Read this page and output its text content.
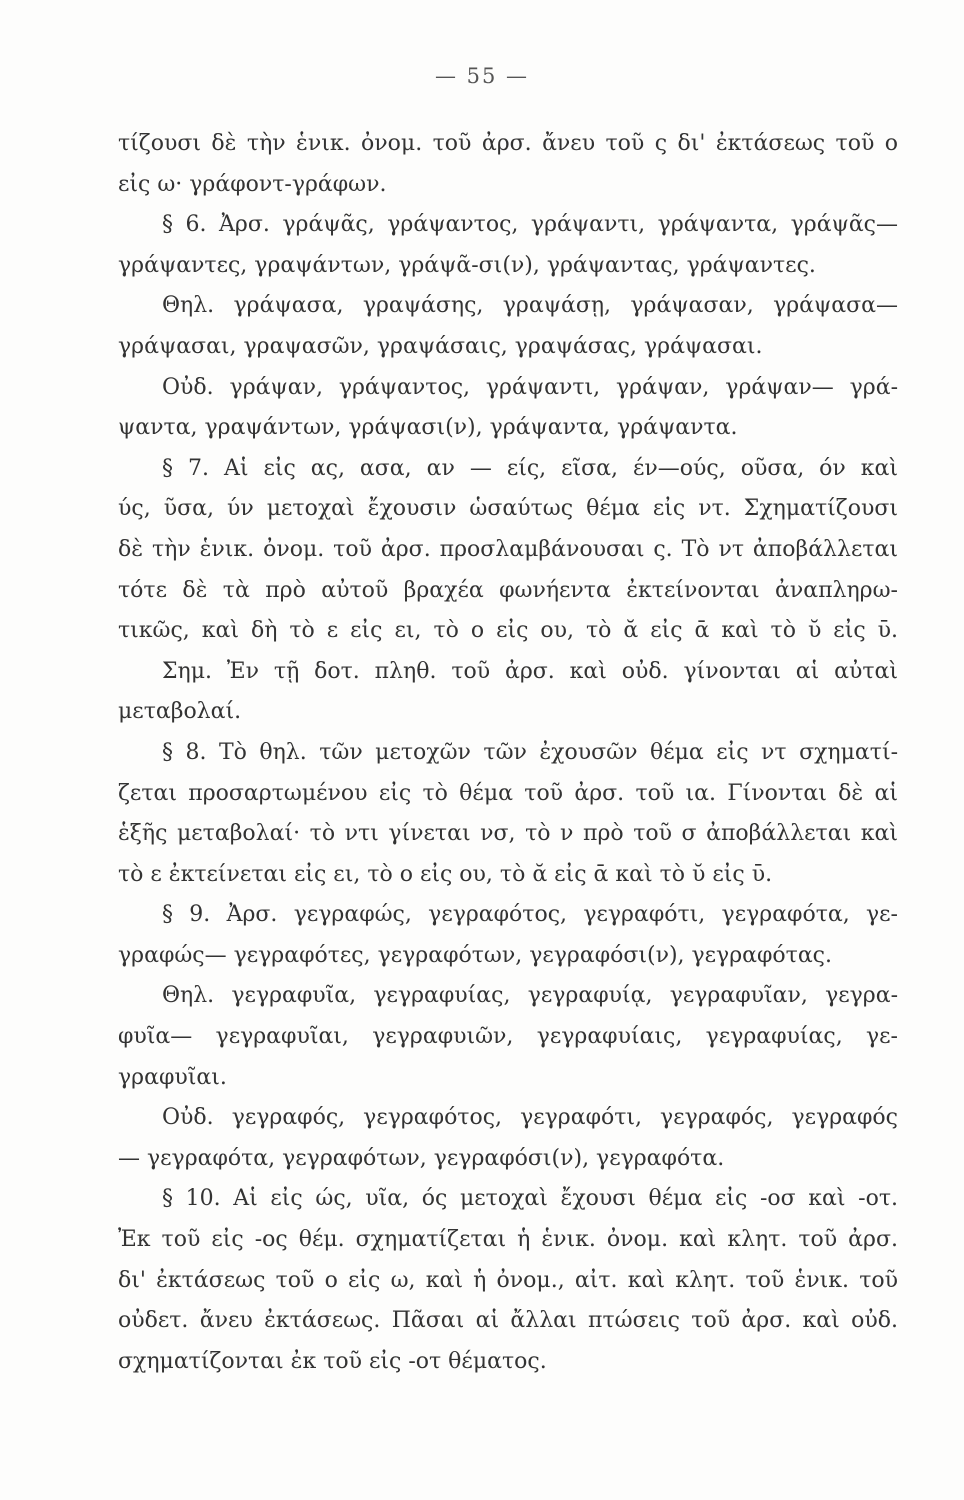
— 55 —
τίζουσι δὲ τὴν ἑνικ. ὀνομ. τοῦ ἀρσ. ἄνευ τοῦ ς δι' ἐκτάσεως τοῦ ο
εἰς ω· γράφοντ-γράφων.
§ 6. Ἀρσ. γράψᾶς, γράψαντος, γράψαντι, γράψαντα, γράψᾶς—
γράψαντες, γραψάντων, γράψᾶ-σι(ν), γράψαντας, γράψαντες.
Θηλ. γράψασα, γραψάσης, γραψάσῃ, γράψασαν, γράψασα—
γράψασαι, γραψασῶν, γραψάσαις, γραψάσας, γράψασαι.
Οὐδ. γράψαν, γράψαντος, γράψαντι, γράψαν, γράψαν— γρά-
ψαντα, γραψάντων, γράψασι(ν), γράψαντα, γράψαντα.
§ 7. Αἱ εἰς ας, ασα, αν — είς, εῖσα, έν—ούς, οῦσα, όν καὶ
ύς, ῦσα, ύν μετοχαὶ ἔχουσιν ὡσαύτως θέμα εἰς ντ. Σχηματίζουσι
δὲ τὴν ἑνικ. ὀνομ. τοῦ ἀρσ. προσλαμβάνουσαι ς. Τὸ ντ ἀποβάλλεται
τότε δὲ τὰ πρὸ αὐτοῦ βραχέα φωνήεντα ἐκτείνονται ἀναπληρω-
τικῶς, καὶ δὴ τὸ ε εἰς ει, τὸ ο εἰς ου, τὸ ᾰ εἰς ᾱ καὶ τὸ ῠ εἰς ῡ.
Σημ. Ἐν τῇ δοτ. πληθ. τοῦ ἀρσ. καὶ οὐδ. γίνονται αἱ αὐταὶ
μεταβολαί.
§ 8. Τὸ θηλ. τῶν μετοχῶν τῶν ἐχουσῶν θέμα εἰς ντ σχηματί-
ζεται προσαρτωμένου εἰς τὸ θέμα τοῦ ἀρσ. τοῦ ια. Γίνονται δὲ αἱ
ἑξῆς μεταβολαί· τὸ ντι γίνεται νσ, τὸ ν πρὸ τοῦ σ ἀποβάλλεται καὶ
τὸ ε ἐκτείνεται εἰς ει, τὸ ο εἰς ου, τὸ ᾰ εἰς ᾱ καὶ τὸ ῠ εἰς ῡ.
§ 9. Ἀρσ. γεγραφώς, γεγραφότος, γεγραφότι, γεγραφότα, γε-
γραφώς— γεγραφότες, γεγραφότων, γεγραφόσι(ν), γεγραφότας.
Θηλ. γεγραφυῖα, γεγραφυίας, γεγραφυίᾳ, γεγραφυῖαν, γεγρα-
φυῖα— γεγραφυῖαι, γεγραφυιῶν, γεγραφυίαις, γεγραφυίας, γε-
γραφυῖαι.
Οὐδ. γεγραφός, γεγραφότος, γεγραφότι, γεγραφός, γεγραφός
— γεγραφότα, γεγραφότων, γεγραφόσι(ν), γεγραφότα.
§ 10. Αἱ εἰς ώς, υῖα, ός μετοχαὶ ἔχουσι θέμα εἰς -οσ καὶ -οτ.
Ἐκ τοῦ εἰς -ος θέμ. σχηματίζεται ἡ ἑνικ. ὀνομ. καὶ κλητ. τοῦ ἀρσ.
δι' ἐκτάσεως τοῦ ο εἰς ω, καὶ ἡ ὀνομ., αἰτ. καὶ κλητ. τοῦ ἑνικ. τοῦ
οὐδετ. ἄνευ ἐκτάσεως. Πᾶσαι αἱ ἄλλαι πτώσεις τοῦ ἀρσ. καὶ οὐδ.
σχηματίζονται ἐκ τοῦ εἰς -οτ θέματος.
